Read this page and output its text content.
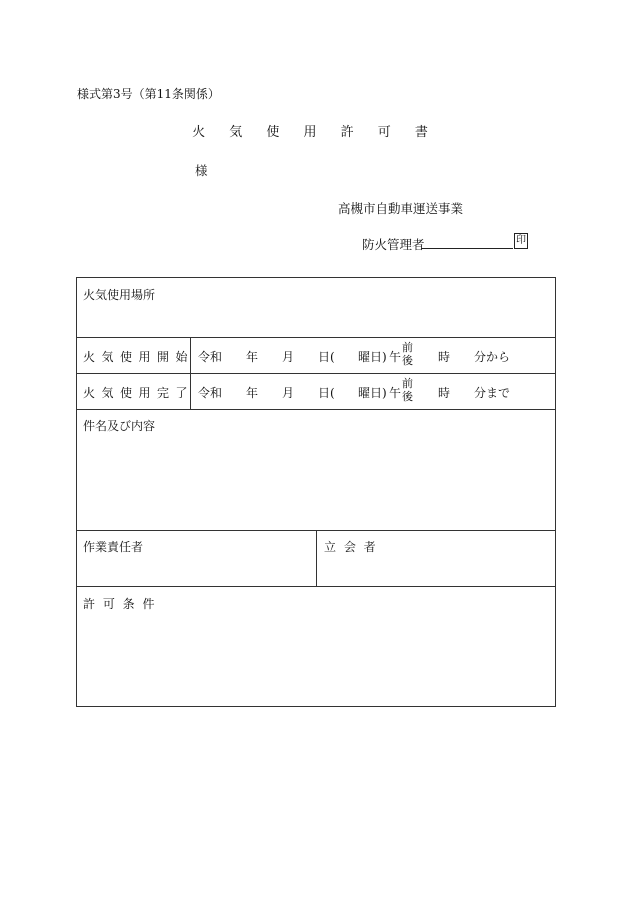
様式第3号（第11条関係）
火 気 使 用 許 可 書
様
高槻市自動車運送事業
防火管理者	印
火気使用場所
火気使用開始 令和 年 月 日( 曜日) 午
前
後 時 分から
火気使用完了 令和 年 月 日( 曜日) 午
前
後 時 分まで
件名及び内容
作業責任者	立 会 者
許 可 条 件
